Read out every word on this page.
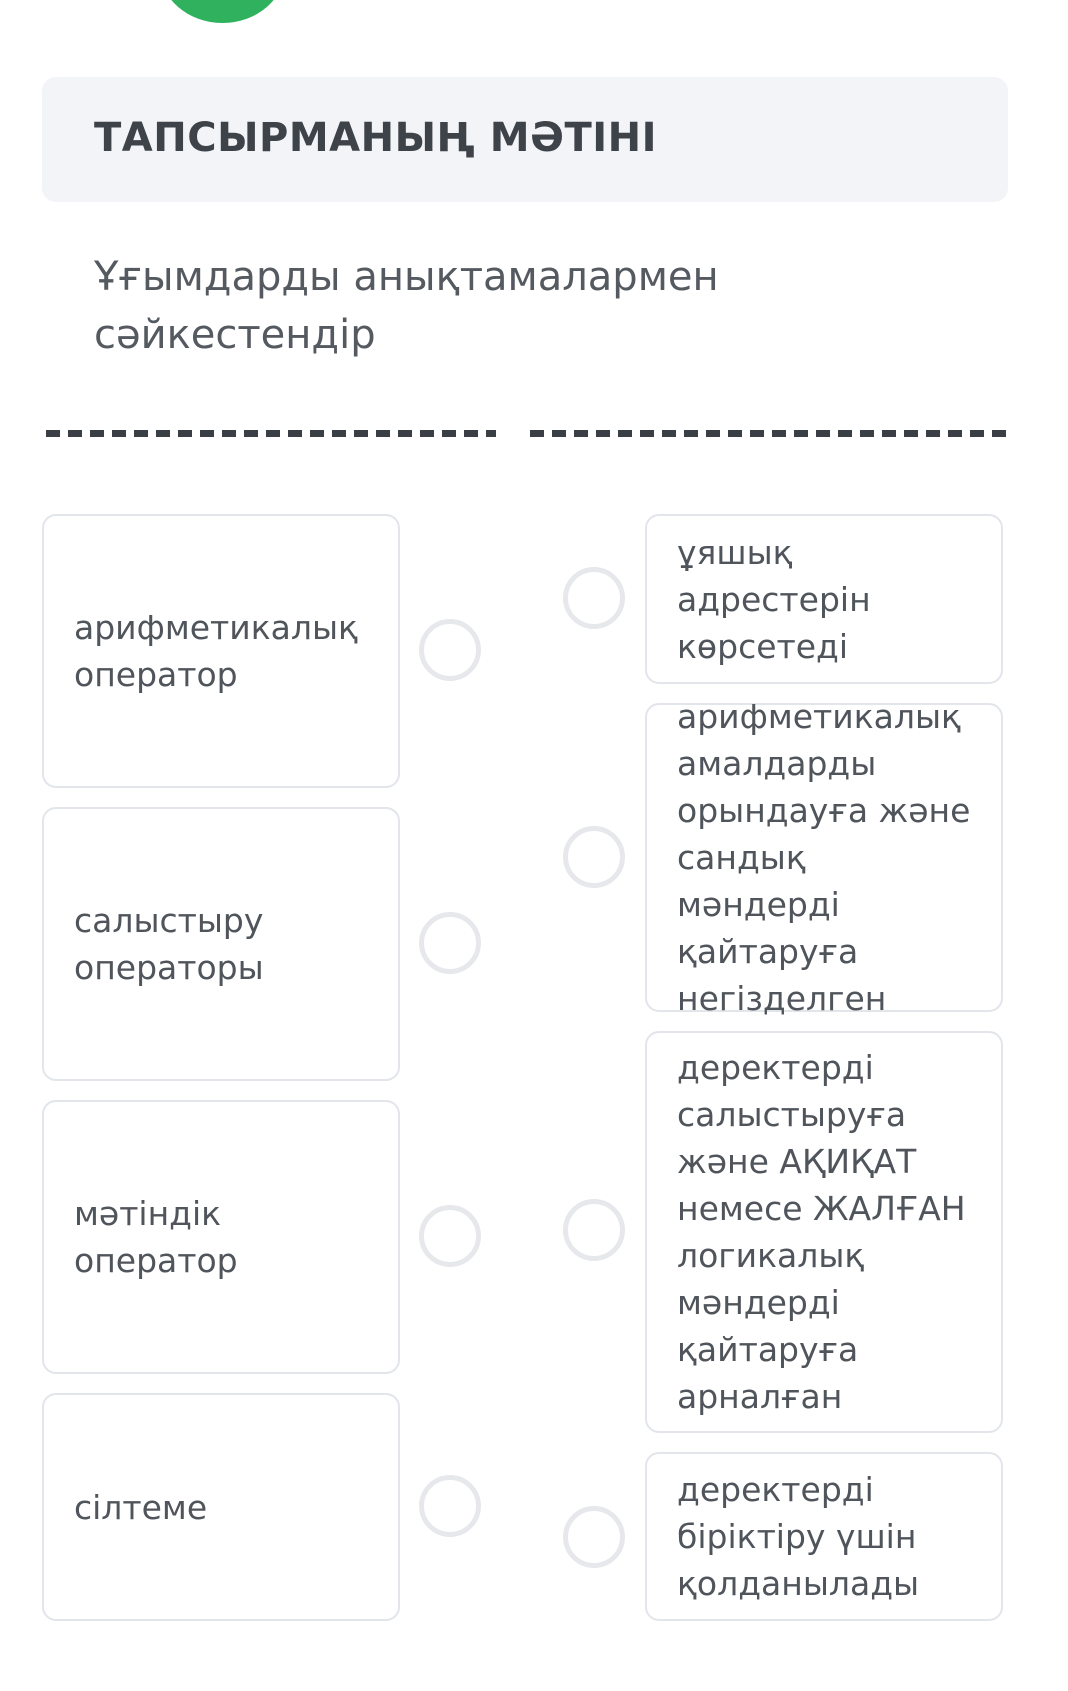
ТАПСЫРМАНЫҢ МӘТІНІ

Ұғымдарды анықтамалармен сәйкестендір

арифметикалық оператор
салыстыру операторы
мәтіндік оператор
сілтеме
ұяшық адрестерін көрсетеді
арифметикалық амалдарды орындауға және сандық мәндерді қайтаруға негізделген
деректерді салыстыруға және АҚИҚАТ немесе ЖАЛҒАН логикалық мәндерді қайтаруға арналған
деректерді біріктіру үшін қолданылады
